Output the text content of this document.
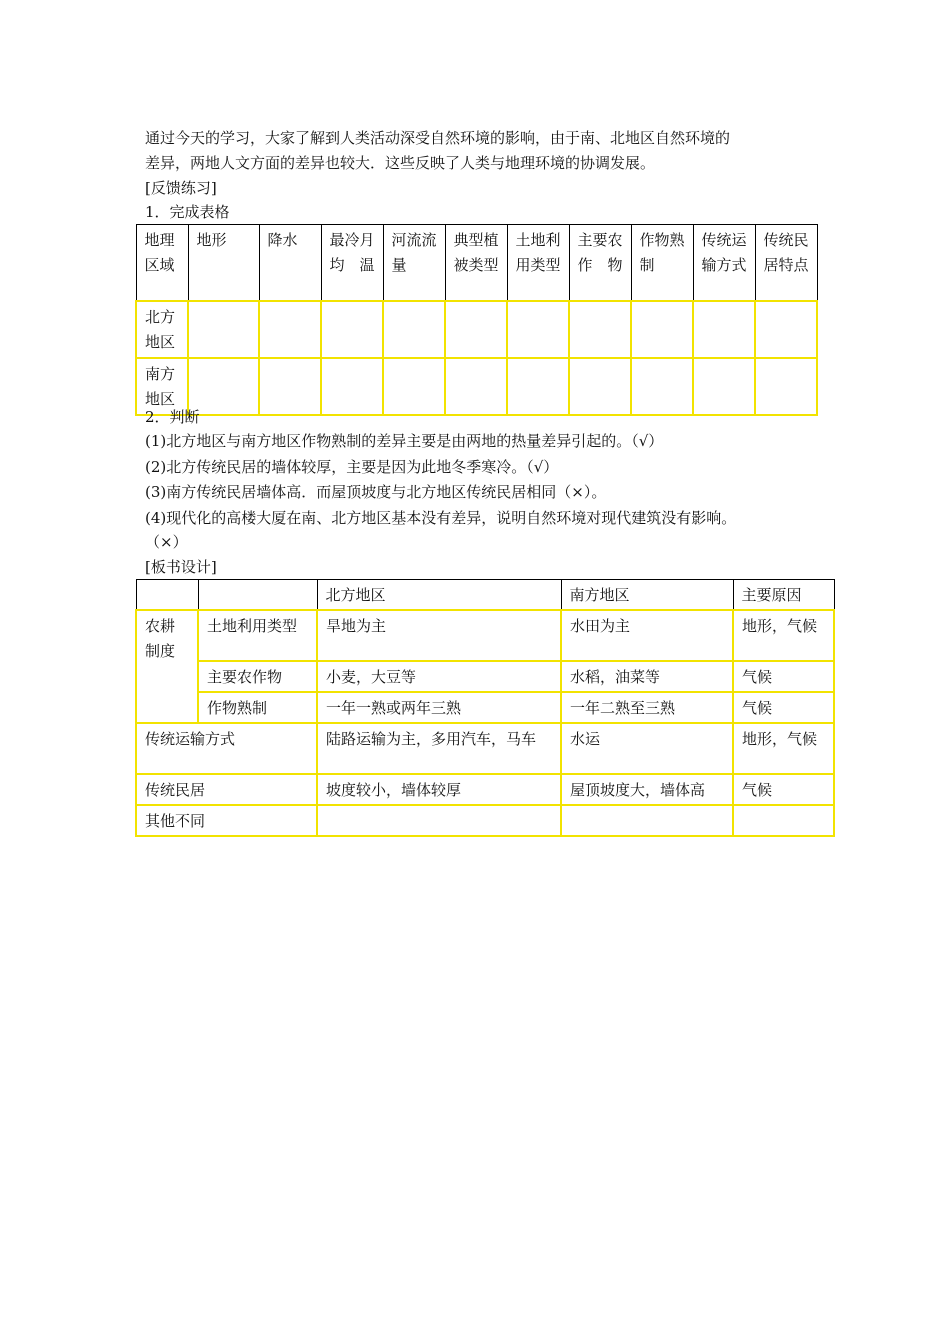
通过今天的学习，大家了解到人类活动深受自然环境的影响，由于南、北地区自然环境的
差异，两地人文方面的差异也较大．这些反映了人类与地理环境的协调发展。
[反馈练习]
1．完成表格
地理区域	地形	降水	最冷月均温	河流流量	典型植被类型	土地利用类型	主要农作物	作物熟制	传统运输方式	传统民居特点
北方地区										
南方地区										
2．判断
(1)北方地区与南方地区作物熟制的差异主要是由两地的热量差异引起的。（√）
(2)北方传统民居的墙体较厚，主要是因为此地冬季寒冷。（√）
(3)南方传统民居墙体高．而屋顶坡度与北方地区传统民居相同（×）。
(4)现代化的高楼大厦在南、北方地区基本没有差异，说明自然环境对现代建筑没有影响。
（×）
[板书设计]
		北方地区	南方地区	主要原因
农耕制度	土地利用类型	旱地为主	水田为主	地形，气候
	主要农作物	小麦，大豆等	水稻，油菜等	气候
	作物熟制	一年一熟或两年三熟	一年二熟至三熟	气候
传统运输方式		陆路运输为主，多用汽车，马车	水运	地形，气候
传统民居		坡度较小，墙体较厚	屋顶坡度大，墙体高	气候
其他不同				
